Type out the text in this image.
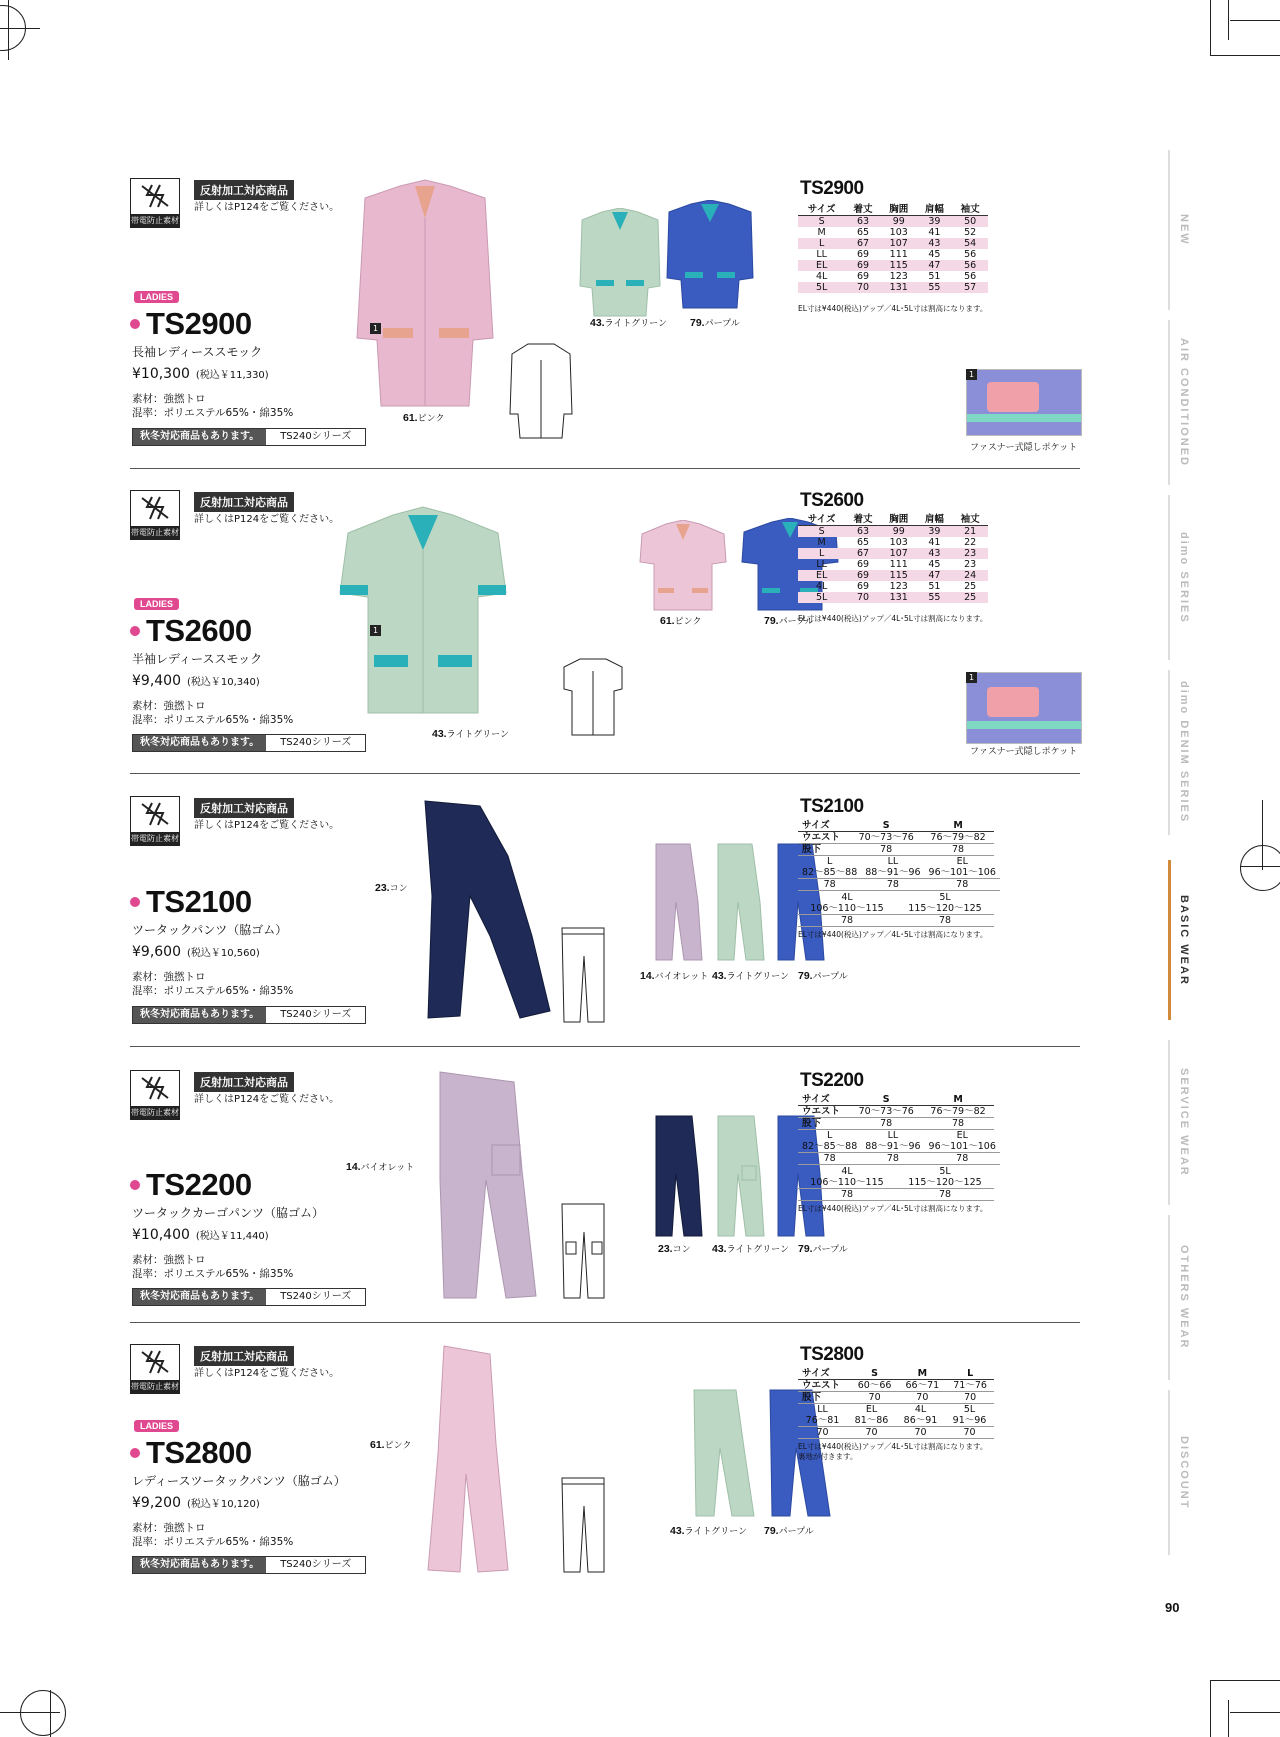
NEW
AIR CONDITIONED
dimo SERIES
dimo DENIM SERIES
BASIC WEAR
SERVICE WEAR
OTHERS WEAR
DISCOUNT
帯電防止素材
反射加工対応商品
詳しくはP124をご覧ください。
LADIES
TS2900
長袖レディーススモック
¥10,300 (税込￥11,330)
素材：強撚トロ
混率：ポリエステル65%・綿35%
秋冬対応商品もあります。	TS240シリーズ
1
61.ピンク
43.ライトグリーン 79.パープル
TS2900
サイズ	着丈	胸囲	肩幅	袖丈
S	63	99	39	50
M	65	103	41	52
L	67	107	43	54
LL	69	111	45	56
EL	69	115	47	56
4L	69	123	51	56
5L	70	131	55	57
EL寸は¥440(税込)アップ／4L･5L寸は割高になります。
1
ファスナー式隠しポケット
帯電防止素材
反射加工対応商品
詳しくはP124をご覧ください。
LADIES
TS2600
半袖レディーススモック
¥9,400 (税込￥10,340)
素材：強撚トロ
混率：ポリエステル65%・綿35%
秋冬対応商品もあります。	TS240シリーズ
1
43.ライトグリーン
61.ピンク	79.パープル
TS2600
サイズ	着丈	胸囲	肩幅	袖丈
S	63	99	39	21
M	65	103	41	22
L	67	107	43	23
LL	69	111	45	23
EL	69	115	47	24
4L	69	123	51	25
5L	70	131	55	25
EL寸は¥440(税込)アップ／4L･5L寸は割高になります。
1
ファスナー式隠しポケット
帯電防止素材
反射加工対応商品
詳しくはP124をご覧ください。
TS2100
ツータックパンツ（脇ゴム）
¥9,600 (税込￥10,560)
素材：強撚トロ
混率：ポリエステル65%・綿35%
秋冬対応商品もあります。	TS240シリーズ
23.コン
14.バイオレット 43.ライトグリーン 79.パープル
TS2100
サイズ	S	M
ウエスト	70〜73〜76	76〜79〜82
股下	78	78
L	LL	EL
82〜85〜88	88〜91〜96	96〜101〜106
78	78	78
4L	5L
106〜110〜115	115〜120〜125
78	78
EL寸は¥440(税込)アップ／4L･5L寸は割高になります。
帯電防止素材
反射加工対応商品
詳しくはP124をご覧ください。
TS2200
ツータックカーゴパンツ（脇ゴム）
¥10,400 (税込￥11,440)
素材：強撚トロ
混率：ポリエステル65%・綿35%
秋冬対応商品もあります。	TS240シリーズ
14.バイオレット
23.コン 43.ライトグリーン 79.パープル
TS2200
サイズ	S	M
ウエスト	70〜73〜76	76〜79〜82
股下	78	78
L	LL	EL
82〜85〜88	88〜91〜96	96〜101〜106
78	78	78
4L	5L
106〜110〜115	115〜120〜125
78	78
EL寸は¥440(税込)アップ／4L･5L寸は割高になります。
帯電防止素材
反射加工対応商品
詳しくはP124をご覧ください。
LADIES
TS2800
レディースツータックパンツ（脇ゴム）
¥9,200 (税込￥10,120)
素材：強撚トロ
混率：ポリエステル65%・綿35%
秋冬対応商品もあります。	TS240シリーズ
61.ピンク
43.ライトグリーン 79.パープル
TS2800
サイズ	S	M	L
ウエスト	60〜66	66〜71	71〜76
股下	70	70	70
LL	EL	4L	5L
76〜81	81〜86	86〜91	91〜96
70	70	70	70
EL寸は¥440(税込)アップ／4L･5L寸は割高になります。
裏地が付きます。
90
